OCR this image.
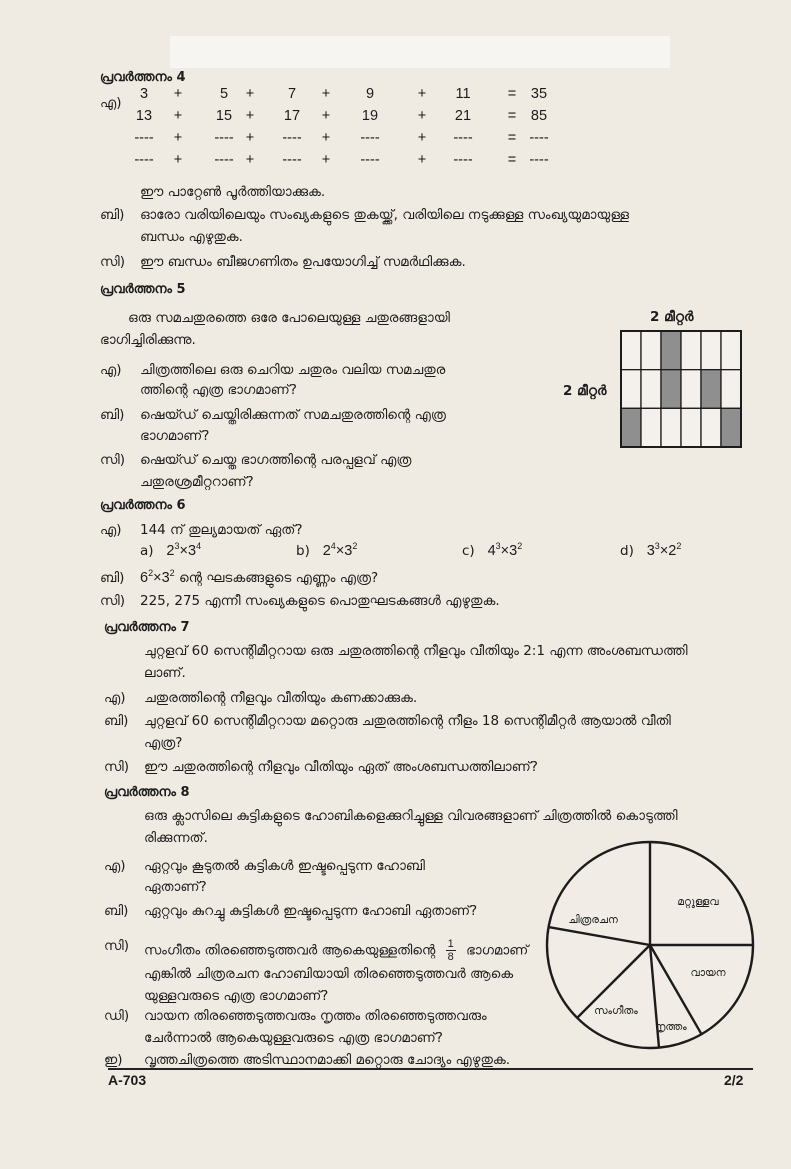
പ്രവർത്തനം 4
എ)
3	+	5	+	7	+	9	+	11	=	35
13	+	15 +	17	+	19	+	21	=	85
----	+	---- +	----	+	----	+	----	= ----
----	+	---- +	----	+	----	+	----	= ----
ഈ പാറ്റേൺ പൂർത്തിയാക്കുക.
ബി) ഓരോ വരിയിലെയും സംഖ്യകളുടെ തുകയ്ക്ക്, വരിയിലെ നടുക്കുള്ള സംഖ്യയുമായുള്ള
ബന്ധം എഴുതുക.
സി) ഈ ബന്ധം ബീജഗണിതം ഉപയോഗിച്ച് സമർഥിക്കുക.
പ്രവർത്തനം 5
ഒരു സമചതുരത്തെ ഒരേ പോലെയുള്ള ചതുരങ്ങളായി
ഭാഗിച്ചിരിക്കുന്നു.
എ) ചിത്രത്തിലെ ഒരു ചെറിയ ചതുരം വലിയ സമചതുര
ത്തിന്റെ എത്ര ഭാഗമാണ്?
ബി) ഷെയ്ഡ് ചെയ്തിരിക്കുന്നത് സമചതുരത്തിന്റെ എത്ര
ഭാഗമാണ്?
സി) ഷെയ്ഡ് ചെയ്ത ഭാഗത്തിന്റെ പരപ്പളവ് എത്ര
ചതുരശ്രമീറ്ററാണ്?
2 മീറ്റർ
2 മീറ്റർ
പ്രവർത്തനം 6
എ) 144 ന് തുല്യമായത് ഏത്?
a) $2^3\times 3^4$	b) $2^4\times 3^2$	c) $4^3\times 3^2$	d) $3^3\times 2^2$
ബി) $6^2\times 3^2$ ന്റെ ഘടകങ്ങളുടെ എണ്ണം എത്ര?
സി) 225, 275 എന്നീ സംഖ്യകളുടെ പൊതുഘടകങ്ങൾ എഴുതുക.
പ്രവർത്തനം 7
ചുറ്റളവ് 60 സെന്റിമീറ്ററായ ഒരു ചതുരത്തിന്റെ നീളവും വീതിയും 2:1 എന്ന അംശബന്ധത്തി
ലാണ്.
എ) ചതുരത്തിന്റെ നീളവും വീതിയും കണക്കാക്കുക.
ബി) ചുറ്റളവ് 60 സെന്റിമീറ്ററായ മറ്റൊരു ചതുരത്തിന്റെ നീളം 18 സെന്റിമീറ്റർ ആയാൽ വീതി
എത്ര?
സി) ഈ ചതുരത്തിന്റെ നീളവും വീതിയും ഏത് അംശബന്ധത്തിലാണ്?
പ്രവർത്തനം 8
ഒരു ക്ലാസിലെ കുട്ടികളുടെ ഹോബികളെക്കുറിച്ചുള്ള വിവരങ്ങളാണ് ചിത്രത്തിൽ കൊടുത്തി
രിക്കുന്നത്.
എ) ഏറ്റവും കൂടുതൽ കുട്ടികൾ ഇഷ്ടപ്പെടുന്ന ഹോബി
ഏതാണ്?
ബി) ഏറ്റവും കുറച്ചു കുട്ടികൾ ഇഷ്ടപ്പെടുന്ന ഹോബി ഏതാണ്?
സി) സംഗീതം തിരഞ്ഞെടുത്തവർ ആകെയുള്ളതിന്റെ $\frac{1}{8}$ ഭാഗമാണ്
എങ്കിൽ ചിത്രരചന ഹോബിയായി തിരഞ്ഞെടുത്തവർ ആകെ
യുള്ളവരുടെ എത്ര ഭാഗമാണ്?
ഡി) വായന തിരഞ്ഞെടുത്തവരും നൃത്തം തിരഞ്ഞെടുത്തവരും
ചേർന്നാൽ ആകെയുള്ളവരുടെ എത്ര ഭാഗമാണ്?
ഇ) വൃത്തചിത്രത്തെ അടിസ്ഥാനമാക്കി മറ്റൊരു ചോദ്യം എഴുതുക.
മറ്റുള്ളവ
വായന
നൃത്തം
സംഗീതം
ചിത്രരചന
A-703	2/2
